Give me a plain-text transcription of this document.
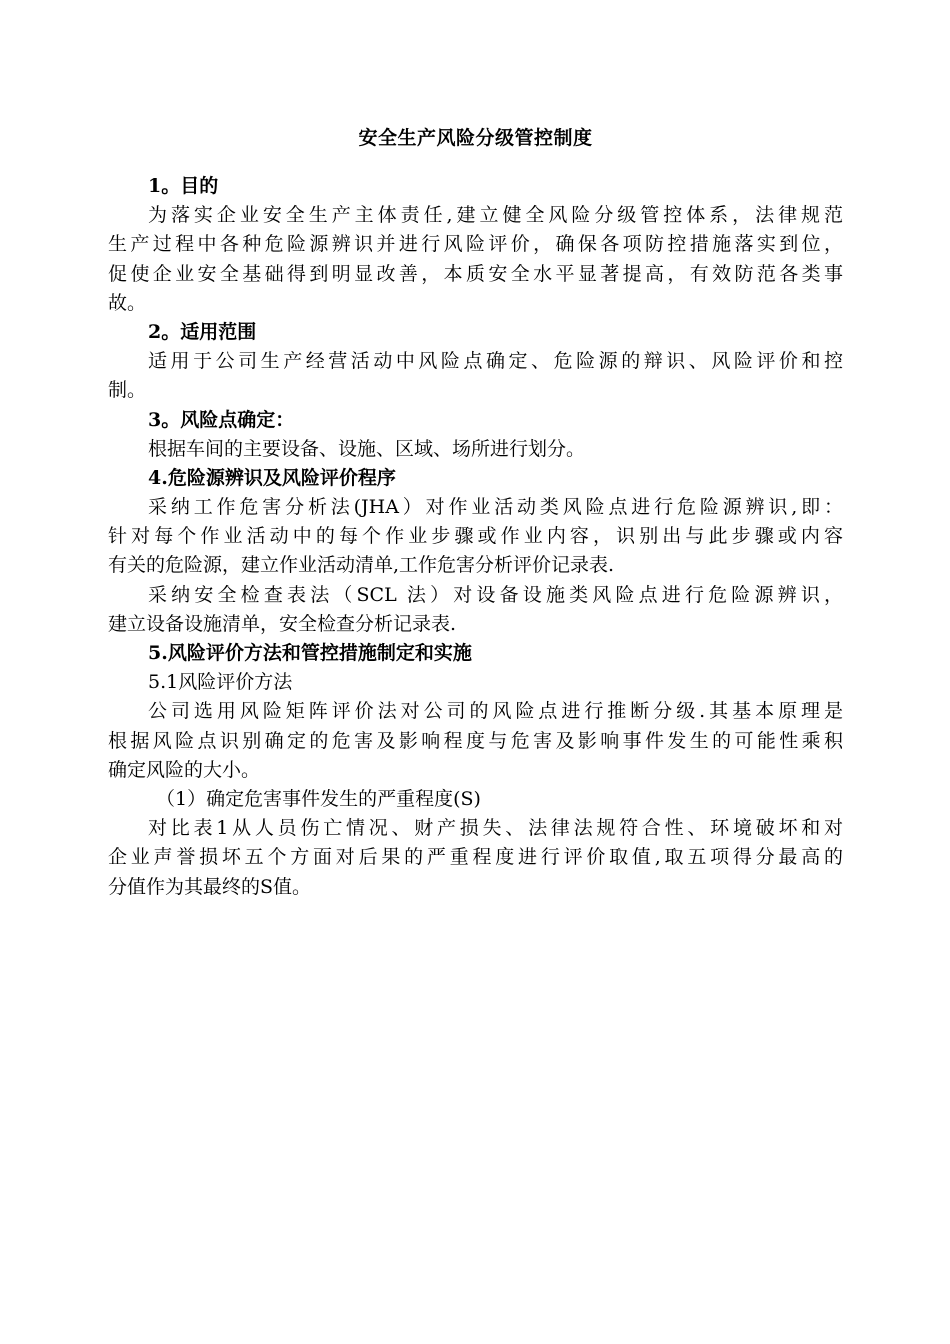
安全生产风险分级管控制度
1。目的
为落实企业安全生产主体责任,建立健全风险分级管控体系，法律规范
生产过程中各种危险源辨识并进行风险评价，确保各项防控措施落实到位，
促使企业安全基础得到明显改善，本质安全水平显著提高，有效防范各类事
故。
2。适用范围
适用于公司生产经营活动中风险点确定、危险源的辩识、风险评价和控
制。
3。风险点确定：
根据车间的主要设备、设施、区域、场所进行划分。
4.危险源辨识及风险评价程序
采纳工作危害分析法(JHA）对作业活动类风险点进行危险源辨识,即：
针对每个作业活动中的每个作业步骤或作业内容，识别出与此步骤或内容
有关的危险源，建立作业活动清单,工作危害分析评价记录表.
采纳安全检查表法（SCL 法）对设备设施类风险点进行危险源辨识，
建立设备设施清单，安全检查分析记录表.
5.风险评价方法和管控措施制定和实施
5.1风险评价方法
公司选用风险矩阵评价法对公司的风险点进行推断分级.其基本原理是
根据风险点识别确定的危害及影响程度与危害及影响事件发生的可能性乘积
确定风险的大小。
（1）确定危害事件发生的严重程度(S)
对比表1从人员伤亡情况、财产损失、法律法规符合性、环境破坏和对
企业声誉损坏五个方面对后果的严重程度进行评价取值,取五项得分最高的
分值作为其最终的S值。
